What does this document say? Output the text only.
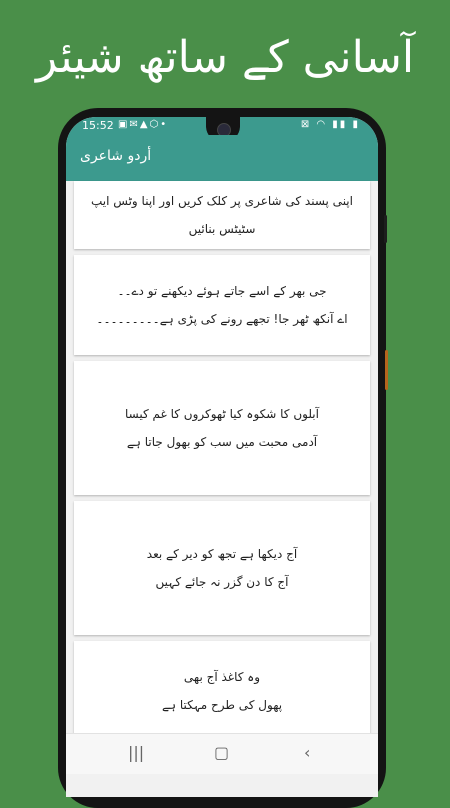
آسانی کے ساتھ شیئر
15:52 ▣✉▲⬡•	⊠ ◠ ▮▮ ▮
أردو شاعری
اپنی پسند کی شاعری پر کلک کریں اور اپنا وٹس ایپ سٹیٹس بنائیں
جی بھر کے اسے جاتے ہوئے دیکھنے تو دے۔۔
اے آنکھ ٹھر جا! تجھے رونے کی پڑی ہے۔۔۔۔۔۔۔۔۔
آبلوں کا شکوہ کیا ٹھوکروں کا غم کیسا
آدمی محبت میں سب کو بھول جاتا ہے
آج دیکھا ہے تجھ کو دیر کے بعد
آج کا دن گزر نہ جائے کہیں
وہ کاغذ آج بھی
پھول کی طرح مہکتا ہے
|||	▢	‹
